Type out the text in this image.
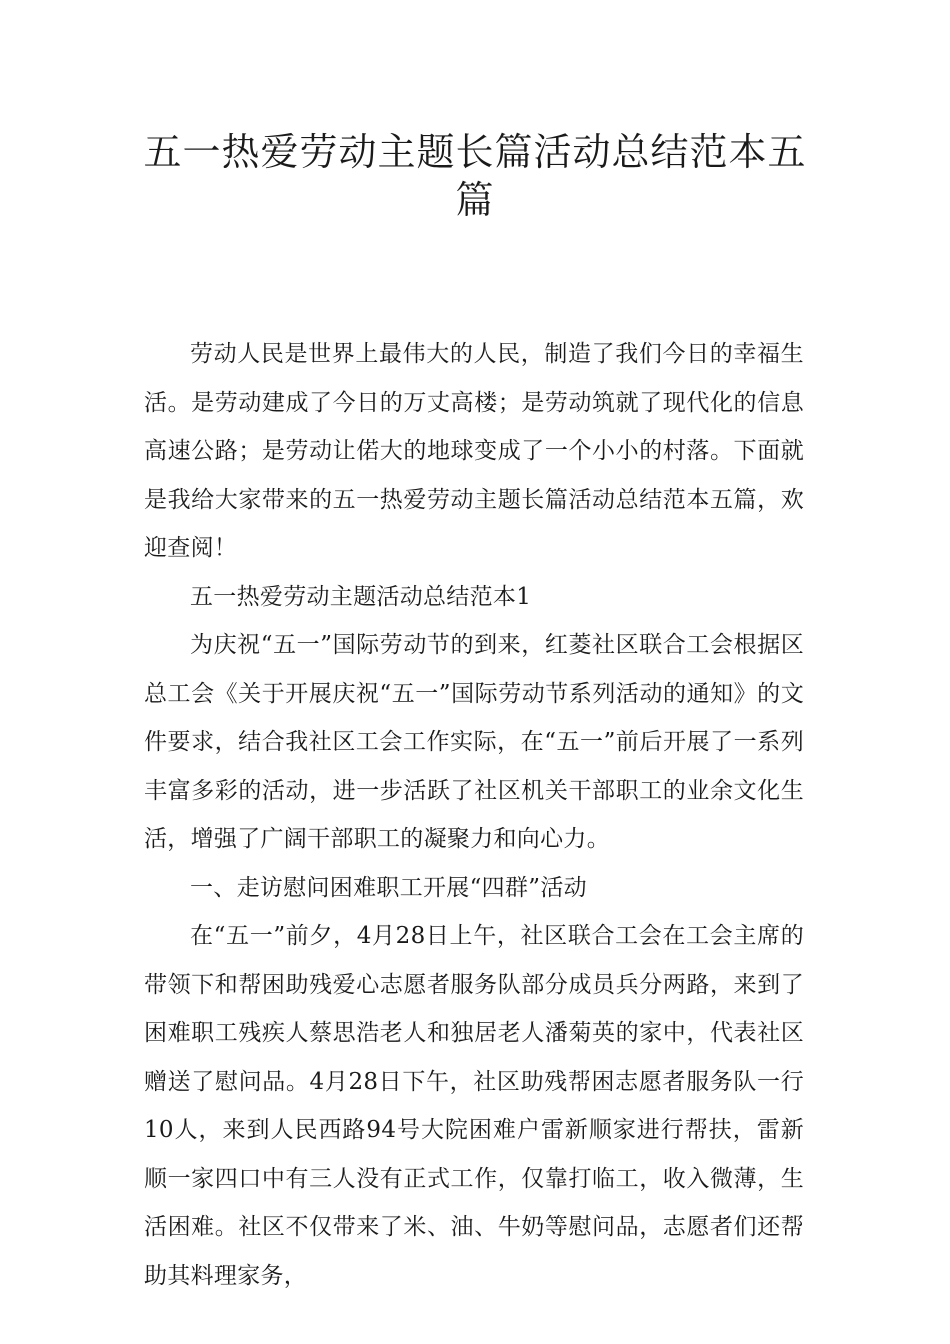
五一热爱劳动主题长篇活动总结范本五
篇

劳动人民是世界上最伟大的人民，制造了我们今日的幸福生活。是劳动建成了今日的万丈高楼；是劳动筑就了现代化的信息高速公路；是劳动让偌大的地球变成了一个小小的村落。下面就是我给大家带来的五一热爱劳动主题长篇活动总结范本五篇，欢迎查阅！

五一热爱劳动主题活动总结范本1

为庆祝“五一”国际劳动节的到来，红菱社区联合工会根据区总工会《关于开展庆祝“五一”国际劳动节系列活动的通知》的文件要求，结合我社区工会工作实际，在“五一”前后开展了一系列丰富多彩的活动，进一步活跃了社区机关干部职工的业余文化生活，增强了广阔干部职工的凝聚力和向心力。

一、走访慰问困难职工开展“四群”活动

在“五一”前夕，4月28日上午，社区联合工会在工会主席的带领下和帮困助残爱心志愿者服务队部分成员兵分两路，来到了困难职工残疾人蔡思浩老人和独居老人潘菊英的家中，代表社区赠送了慰问品。4月28日下午，社区助残帮困志愿者服务队一行10人，来到人民西路94号大院困难户雷新顺家进行帮扶，雷新顺一家四口中有三人没有正式工作，仅靠打临工，收入微薄，生活困难。社区不仅带来了米、油、牛奶等慰问品，志愿者们还帮助其料理家务，
